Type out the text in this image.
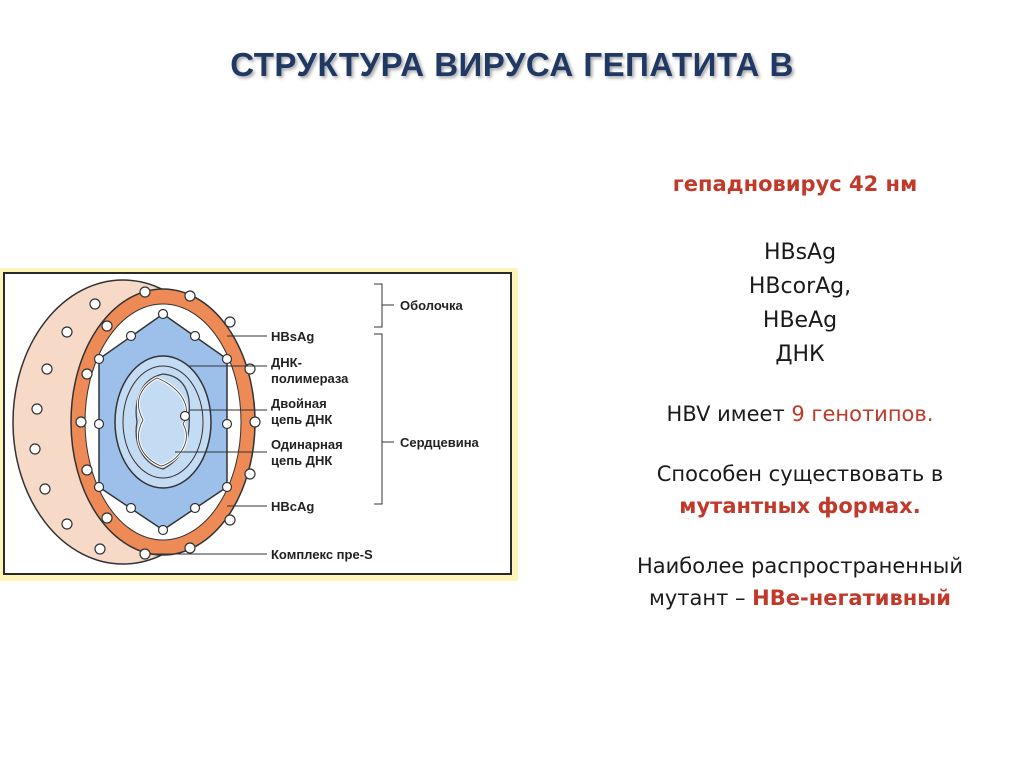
СТРУКТУРА ВИРУСА ГЕПАТИТА В
HBsAg
ДНК-
полимераза
Двойная
цепь ДНК
Одинарная
цепь ДНК
HBcAg
Комплекс пре-S
Оболочка
Сердцевина
гепадновирус 42 нм
HBsAg
HBcorAg,
HBeAg
ДНК
HBV имеет 9 генотипов.
Способен существовать в
мутантных формах.
Наиболее распространенный
мутант – HBe-негативный
